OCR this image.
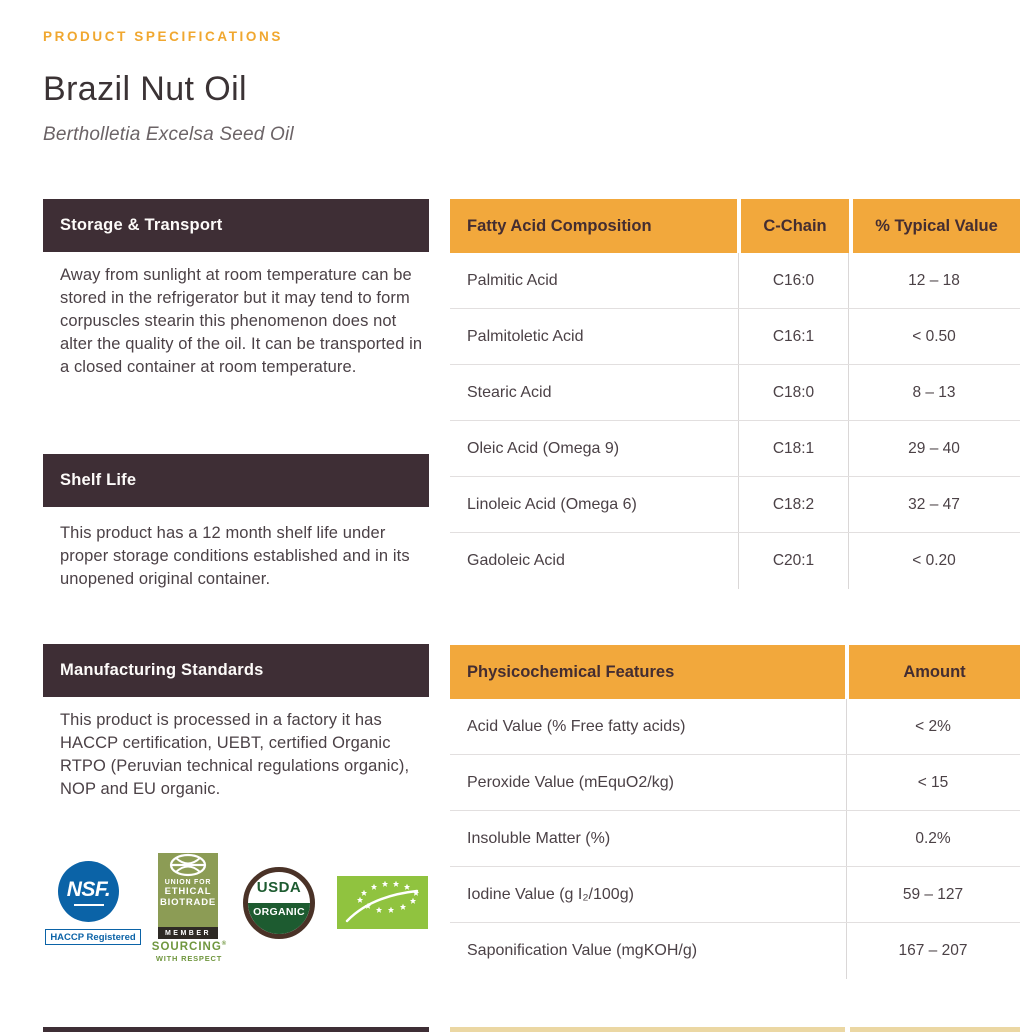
PRODUCT SPECIFICATIONS
Brazil Nut Oil
Bertholletia Excelsa Seed Oil
Storage & Transport
Away from sunlight at room temperature can be stored in the refrigerator but it may tend to form corpuscles stearin this phenomenon does not alter the quality of the oil. It can be transported in a closed container at room temperature.
Shelf Life
This product has a 12 month shelf life under proper storage conditions established and in its unopened original container.
Manufacturing Standards
This product is processed in a factory it has HACCP certification, UEBT, certified Organic RTPO (Peruvian technical regulations organic), NOP and EU organic.
NSF.
HACCP Registered
UNION FOR
ETHICAL
BIOTRADE
MEMBER
SOURCING®
WITH RESPECT
USDA
ORGANIC
Fatty Acid Composition	C-Chain	% Typical Value
Palmitic Acid	C16:0	12 – 18
Palmitoletic Acid	C16:1	< 0.50
Stearic Acid	C18:0	8 – 13
Oleic Acid (Omega 9)	C18:1	29 – 40
Linoleic Acid (Omega 6)	C18:2	32 – 47
Gadoleic Acid	C20:1	< 0.20
Physicochemical Features	Amount
Acid Value (% Free fatty acids)	< 2%
Peroxide Value (mEquO2/kg)	< 15
Insoluble Matter (%)	0.2%
Iodine Value (g I₂/100g)	59 – 127
Saponification Value (mgKOH/g)	167 – 207
